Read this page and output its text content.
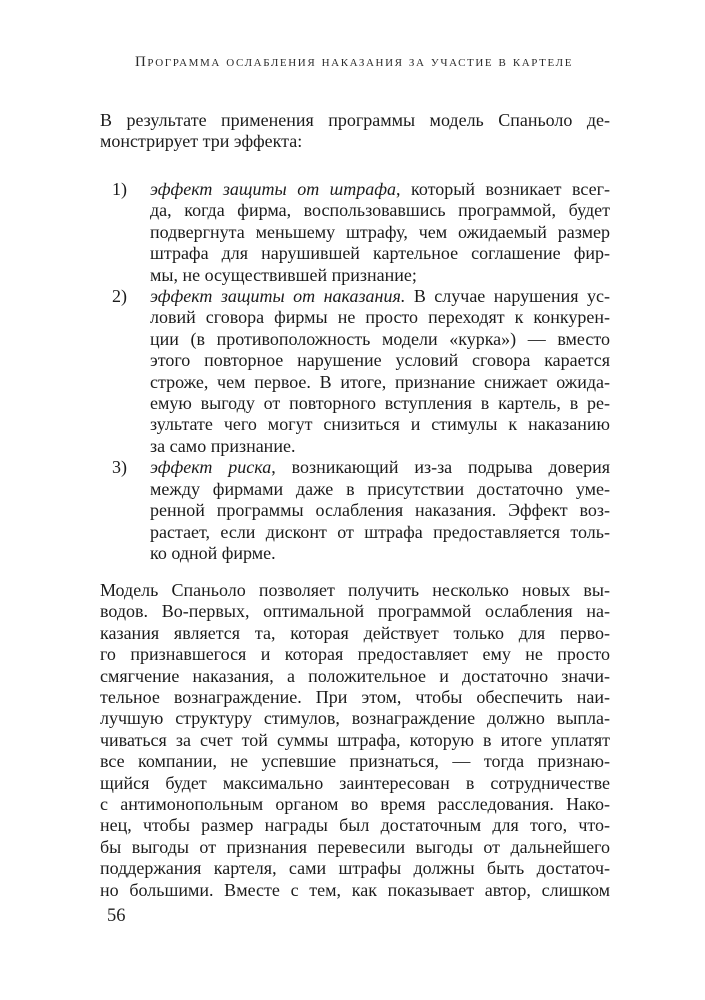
Программа ослабления наказания за участие в картеле
В результате применения программы модель Спаньоло де-
монстрирует три эффекта:
1) эффект защиты от штрафа, который возникает всег-
да, когда фирма, воспользовавшись программой, будет
подвергнута меньшему штрафу, чем ожидаемый размер
штрафа для нарушившей картельное соглашение фир-
мы, не осуществившей признание;
2) эффект защиты от наказания. В случае нарушения ус-
ловий сговора фирмы не просто переходят к конкурен-
ции (в противоположность модели «курка») — вместо
этого повторное нарушение условий сговора карается
строже, чем первое. В итоге, признание снижает ожида-
емую выгоду от повторного вступления в картель, в ре-
зультате чего могут снизиться и стимулы к наказанию
за само признание.
3) эффект риска, возникающий из-за подрыва доверия
между фирмами даже в присутствии достаточно уме-
ренной программы ослабления наказания. Эффект воз-
растает, если дисконт от штрафа предоставляется толь-
ко одной фирме.
Модель Спаньоло позволяет получить несколько новых вы-
водов. Во-первых, оптимальной программой ослабления на-
казания является та, которая действует только для перво-
го признавшегося и которая предоставляет ему не просто
смягчение наказания, а положительное и достаточно значи-
тельное вознаграждение. При этом, чтобы обеспечить наи-
лучшую структуру стимулов, вознаграждение должно выпла-
чиваться за счет той суммы штрафа, которую в итоге уплатят
все компании, не успевшие признаться, — тогда признаю-
щийся будет максимально заинтересован в сотрудничестве
с антимонопольным органом во время расследования. Нако-
нец, чтобы размер награды был достаточным для того, что-
бы выгоды от признания перевесили выгоды от дальнейшего
поддержания картеля, сами штрафы должны быть достаточ-
но большими. Вместе с тем, как показывает автор, слишком
56
